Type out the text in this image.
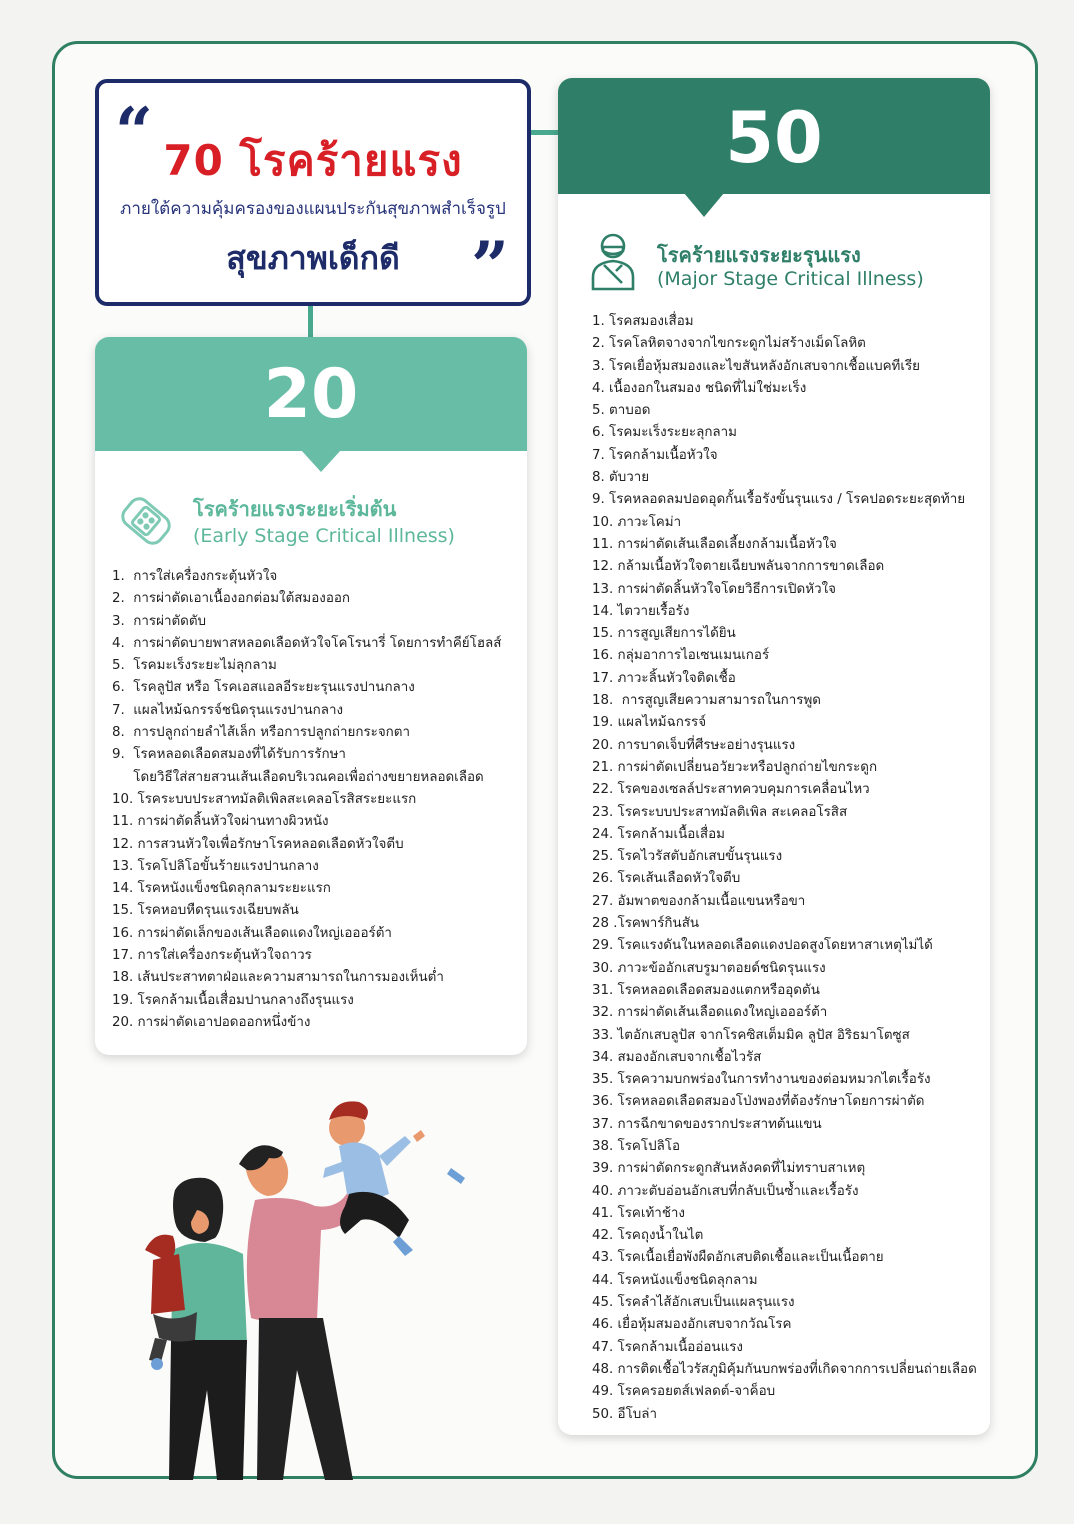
“ 70 โรคร้ายแรง
ภายใต้ความคุ้มครองของแผนประกันสุขภาพสำเร็จรูป
สุขภาพเด็กดี	”
20
โรคร้ายแรงระยะเริ่มต้น
(Early Stage Critical Illness)
1.  การใส่เครื่องกระตุ้นหัวใจ
2.  การผ่าตัดเอาเนื้องอกต่อมใต้สมองออก
3.  การผ่าตัดตับ
4.  การผ่าตัดบายพาสหลอดเลือดหัวใจโคโรนารี่ โดยการทำคีย์โฮลส์
5.  โรคมะเร็งระยะไม่ลุกลาม
6.  โรคลูปัส หรือ โรคเอสแอลอีระยะรุนแรงปานกลาง
7.  แผลไหม้ฉกรรจ์ชนิดรุนแรงปานกลาง
8.  การปลูกถ่ายลำไส้เล็ก หรือการปลูกถ่ายกระจกตา
9.  โรคหลอดเลือดสมองที่ได้รับการรักษา
โดยวิธีใส่สายสวนเส้นเลือดบริเวณคอเพื่อถ่างขยายหลอดเลือด
10. โรคระบบประสาทมัลติเพิลสะเคลอโรสิสระยะแรก
11. การผ่าตัดลิ้นหัวใจผ่านทางผิวหนัง
12. การสวนหัวใจเพื่อรักษาโรคหลอดเลือดหัวใจตีบ
13. โรคโปลิโอขั้นร้ายแรงปานกลาง
14. โรคหนังแข็งชนิดลุกลามระยะแรก
15. โรคหอบหืดรุนแรงเฉียบพลัน
16. การผ่าตัดเล็กของเส้นเลือดแดงใหญ่เอออร์ต้า
17. การใส่เครื่องกระตุ้นหัวใจถาวร
18. เส้นประสาทตาฝ่อและความสามารถในการมองเห็นต่ำ
19. โรคกล้ามเนื้อเสื่อมปานกลางถึงรุนแรง
20. การผ่าตัดเอาปอดออกหนึ่งข้าง
50
โรคร้ายแรงระยะรุนแรง
(Major Stage Critical Illness)
1. โรคสมองเสื่อม
2. โรคโลหิตจางจากไขกระดูกไม่สร้างเม็ดโลหิต
3. โรคเยื่อหุ้มสมองและไขสันหลังอักเสบจากเชื้อแบคทีเรีย
4. เนื้องอกในสมอง ชนิดที่ไม่ใช่มะเร็ง
5. ตาบอด
6. โรคมะเร็งระยะลุกลาม
7. โรคกล้ามเนื้อหัวใจ
8. ตับวาย
9. โรคหลอดลมปอดอุดกั้นเรื้อรังขั้นรุนแรง / โรคปอดระยะสุดท้าย
10. ภาวะโคม่า
11. การผ่าตัดเส้นเลือดเลี้ยงกล้ามเนื้อหัวใจ
12. กล้ามเนื้อหัวใจตายเฉียบพลันจากการขาดเลือด
13. การผ่าตัดลิ้นหัวใจโดยวิธีการเปิดหัวใจ
14. ไตวายเรื้อรัง
15. การสูญเสียการได้ยิน
16. กลุ่มอาการไอเซนเมนเกอร์
17. ภาวะลิ้นหัวใจติดเชื้อ
18.  การสูญเสียความสามารถในการพูด
19. แผลไหม้ฉกรรจ์
20. การบาดเจ็บที่ศีรษะอย่างรุนแรง
21. การผ่าตัดเปลี่ยนอวัยวะหรือปลูกถ่ายไขกระดูก
22. โรคของเซลล์ประสาทควบคุมการเคลื่อนไหว
23. โรคระบบประสาทมัลติเพิล สะเคลอโรสิส
24. โรคกล้ามเนื้อเสื่อม
25. โรคไวรัสตับอักเสบขั้นรุนแรง
26. โรคเส้นเลือดหัวใจตีบ
27. อัมพาตของกล้ามเนื้อแขนหรือขา
28 .โรคพาร์กินสัน
29. โรคแรงดันในหลอดเลือดแดงปอดสูงโดยหาสาเหตุไม่ได้
30. ภาวะข้ออักเสบรูมาตอยด์ชนิดรุนแรง
31. โรคหลอดเลือดสมองแตกหรืออุดตัน
32. การผ่าตัดเส้นเลือดแดงใหญ่เอออร์ต้า
33. ไตอักเสบลูปัส จากโรคซิสเต็มมิค ลูปัส อิริธมาโตซูส
34. สมองอักเสบจากเชื้อไวรัส
35. โรคความบกพร่องในการทำงานของต่อมหมวกไตเรื้อรัง
36. โรคหลอดเลือดสมองโป่งพองที่ต้องรักษาโดยการผ่าตัด
37. การฉีกขาดของรากประสาทต้นแขน
38. โรคโปลิโอ
39. การผ่าตัดกระดูกสันหลังคดที่ไม่ทราบสาเหตุ
40. ภาวะตับอ่อนอักเสบที่กลับเป็นซ้ำและเรื้อรัง
41. โรคเท้าช้าง
42. โรคถุงน้ำในไต
43. โรคเนื้อเยื่อพังผืดอักเสบติดเชื้อและเป็นเนื้อตาย
44. โรคหนังแข็งชนิดลุกลาม
45. โรคลำไส้อักเสบเป็นแผลรุนแรง
46. เยื่อหุ้มสมองอักเสบจากวัณโรค
47. โรคกล้ามเนื้ออ่อนแรง
48. การติดเชื้อไวรัสภูมิคุ้มกันบกพร่องที่เกิดจากการเปลี่ยนถ่ายเลือด
49. โรคครอยตส์เฟลดต์-จาค็อบ
50. อีโบล่า
